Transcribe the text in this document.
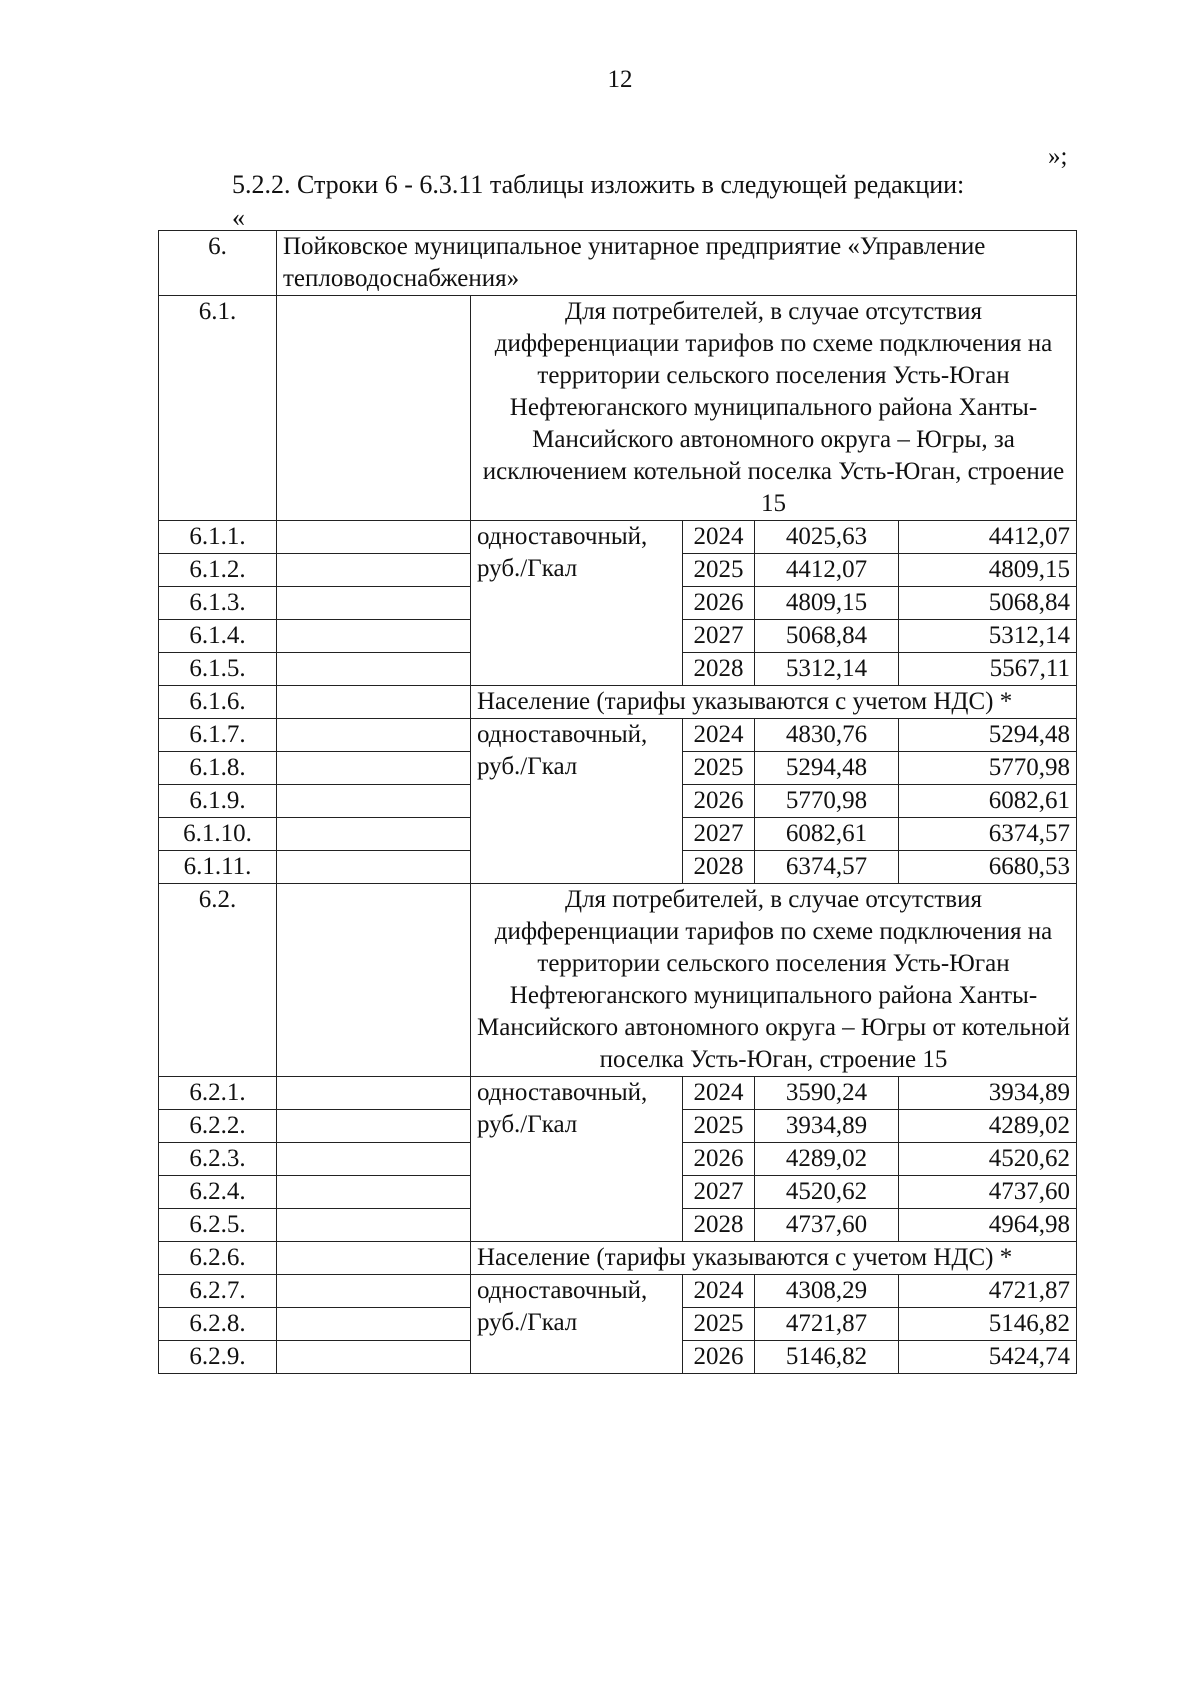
12
»;
5.2.2. Строки 6 - 6.3.11 таблицы изложить в следующей редакции:
«
6.	Пойковское муниципальное унитарное предприятие «Управление тепловодоснабжения»				
6.1.		Для потребителей, в случае отсутствия дифференциации тарифов по схеме подключения на территории сельского поселения Усть-Юган Нефтеюганского муниципального района Ханты-Мансийского автономного округа – Югры, за исключением котельной поселка Усть-Юган, строение 15			
6.1.1.		одноставочный, руб./Гкал	2024	4025,63	4412,07
6.1.2.			2025	4412,07	4809,15
6.1.3.			2026	4809,15	5068,84
6.1.4.			2027	5068,84	5312,14
6.1.5.			2028	5312,14	5567,11
6.1.6.		Население (тарифы указываются с учетом НДС) *			
6.1.7.		одноставочный, руб./Гкал	2024	4830,76	5294,48
6.1.8.			2025	5294,48	5770,98
6.1.9.			2026	5770,98	6082,61
6.1.10.			2027	6082,61	6374,57
6.1.11.			2028	6374,57	6680,53
6.2.		Для потребителей, в случае отсутствия дифференциации тарифов по схеме подключения на территории сельского поселения Усть-Юган Нефтеюганского муниципального района Ханты-Мансийского автономного округа – Югры от котельной поселка Усть-Юган, строение 15			
6.2.1.		одноставочный, руб./Гкал	2024	3590,24	3934,89
6.2.2.			2025	3934,89	4289,02
6.2.3.			2026	4289,02	4520,62
6.2.4.			2027	4520,62	4737,60
6.2.5.			2028	4737,60	4964,98
6.2.6.		Население (тарифы указываются с учетом НДС) *			
6.2.7.		одноставочный, руб./Гкал	2024	4308,29	4721,87
6.2.8.			2025	4721,87	5146,82
6.2.9.			2026	5146,82	5424,74
